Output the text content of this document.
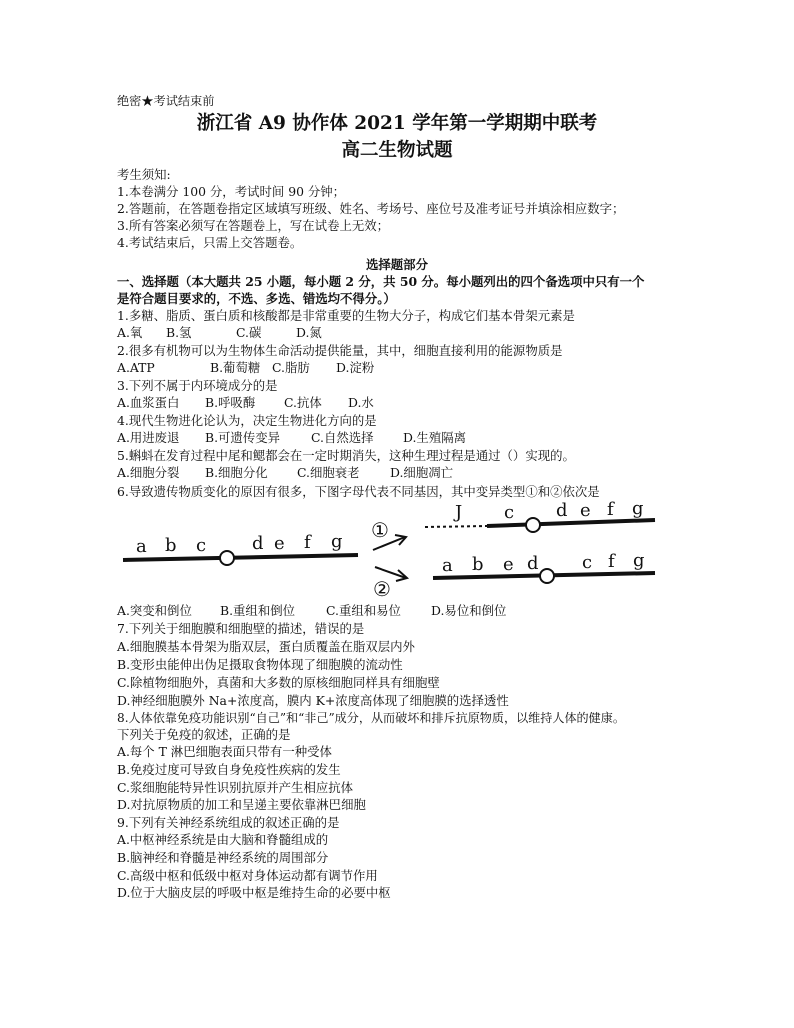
绝密★考试结束前
浙江省 A9 协作体 2021 学年第一学期期中联考
高二生物试题
考生须知:
1.本卷满分 100 分，考试时间 90 分钟；
2.答题前，在答题卷指定区域填写班级、姓名、考场号、座位号及准考证号并填涂相应数字；
3.所有答案必须写在答题卷上，写在试卷上无效；
4.考试结束后，只需上交答题卷。
选择题部分
一、选择题（本大题共 25 小题，每小题 2 分，共 50 分。每小题列出的四个备选项中只有一个
是符合题目要求的，不选、多选、错选均不得分。）
1.多糖、脂质、蛋白质和核酸都是非常重要的生物大分子，构成它们基本骨架元素是
A.氧 B.氢	C.碳	D.氮
2.很多有机物可以为生物体生命活动提供能量，其中，细胞直接利用的能源物质是
A.ATP	B.葡萄糖 C.脂肪 D.淀粉
3.下列不属于内环境成分的是
A.血浆蛋白 B.呼吸酶 C.抗体 D.水
4.现代生物进化论认为，决定生物进化方向的是
A.用进废退 B.可遗传变异	C.自然选择 D.生殖隔离
5.蝌蚪在发育过程中尾和鳃都会在一定时期消失，这种生理过程是通过（）实现的。
A.细胞分裂 B.细胞分化 C.细胞衰老 D.细胞凋亡
6.导致遗传物质变化的原因有很多，下图字母代表不同基因，其中变异类型①和②依次是
a b c	d e f g ①
②
J c d e f g
a b e d c f g
A.突变和倒位 B.重组和倒位	C.重组和易位 D.易位和倒位
7.下列关于细胞膜和细胞壁的描述，错误的是
A.细胞膜基本骨架为脂双层，蛋白质覆盖在脂双层内外
B.变形虫能伸出伪足摄取食物体现了细胞膜的流动性
C.除植物细胞外，真菌和大多数的原核细胞同样具有细胞壁
D.神经细胞膜外 Na+浓度高，膜内 K+浓度高体现了细胞膜的选择透性
8.人体依靠免疫功能识别“自己”和“非己”成分，从而破坏和排斥抗原物质，以维持人体的健康。
下列关于免疫的叙述，正确的是
A.每个 T 淋巴细胞表面只带有一种受体
B.免疫过度可导致自身免疫性疾病的发生
C.浆细胞能特异性识别抗原并产生相应抗体
D.对抗原物质的加工和呈递主要依靠淋巴细胞
9.下列有关神经系统组成的叙述正确的是
A.中枢神经系统是由大脑和脊髓组成的
B.脑神经和脊髓是神经系统的周围部分
C.高级中枢和低级中枢对身体运动都有调节作用
D.位于大脑皮层的呼吸中枢是维持生命的必要中枢
